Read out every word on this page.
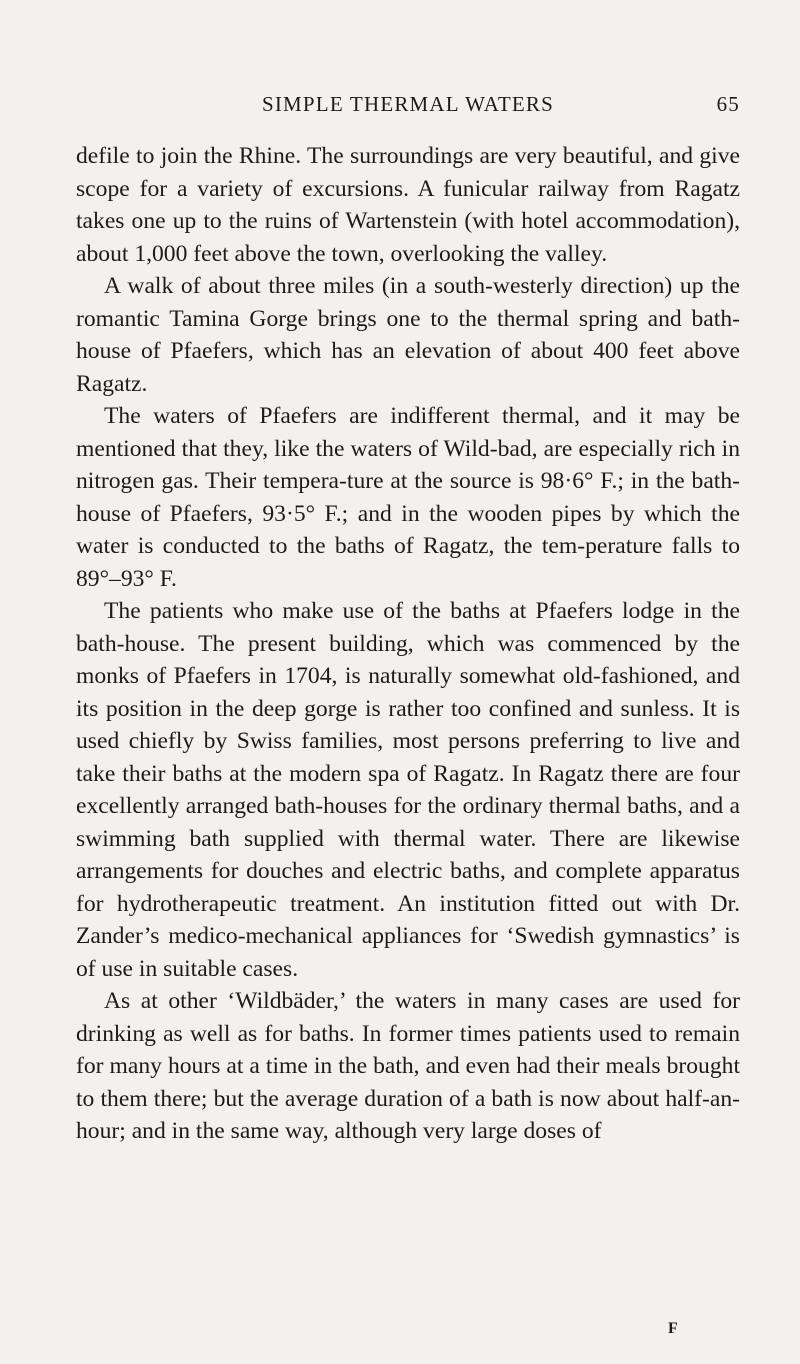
SIMPLE THERMAL WATERS	65

defile to join the Rhine. The surroundings are very beautiful, and give scope for a variety of excursions. A funicular railway from Ragatz takes one up to the ruins of Wartenstein (with hotel accommodation), about 1,000 feet above the town, overlooking the valley.

A walk of about three miles (in a south-westerly direction) up the romantic Tamina Gorge brings one to the thermal spring and bath-house of Pfaefers, which has an elevation of about 400 feet above Ragatz.

The waters of Pfaefers are indifferent thermal, and it may be mentioned that they, like the waters of Wild-bad, are especially rich in nitrogen gas. Their tempera-ture at the source is 98·6° F.; in the bath-house of Pfaefers, 93·5° F.; and in the wooden pipes by which the water is conducted to the baths of Ragatz, the tem-perature falls to 89°–93° F.

The patients who make use of the baths at Pfaefers lodge in the bath-house. The present building, which was commenced by the monks of Pfaefers in 1704, is naturally somewhat old-fashioned, and its position in the deep gorge is rather too confined and sunless. It is used chiefly by Swiss families, most persons preferring to live and take their baths at the modern spa of Ragatz. In Ragatz there are four excellently arranged bath-houses for the ordinary thermal baths, and a swimming bath supplied with thermal water. There are likewise arrangements for douches and electric baths, and complete apparatus for hydrotherapeutic treatment. An institution fitted out with Dr. Zander’s medico-mechanical appliances for ‘Swedish gymnastics’ is of use in suitable cases.

As at other ‘Wildbäder,’ the waters in many cases are used for drinking as well as for baths. In former times patients used to remain for many hours at a time in the bath, and even had their meals brought to them there; but the average duration of a bath is now about half-an-hour; and in the same way, although very large doses of

F
